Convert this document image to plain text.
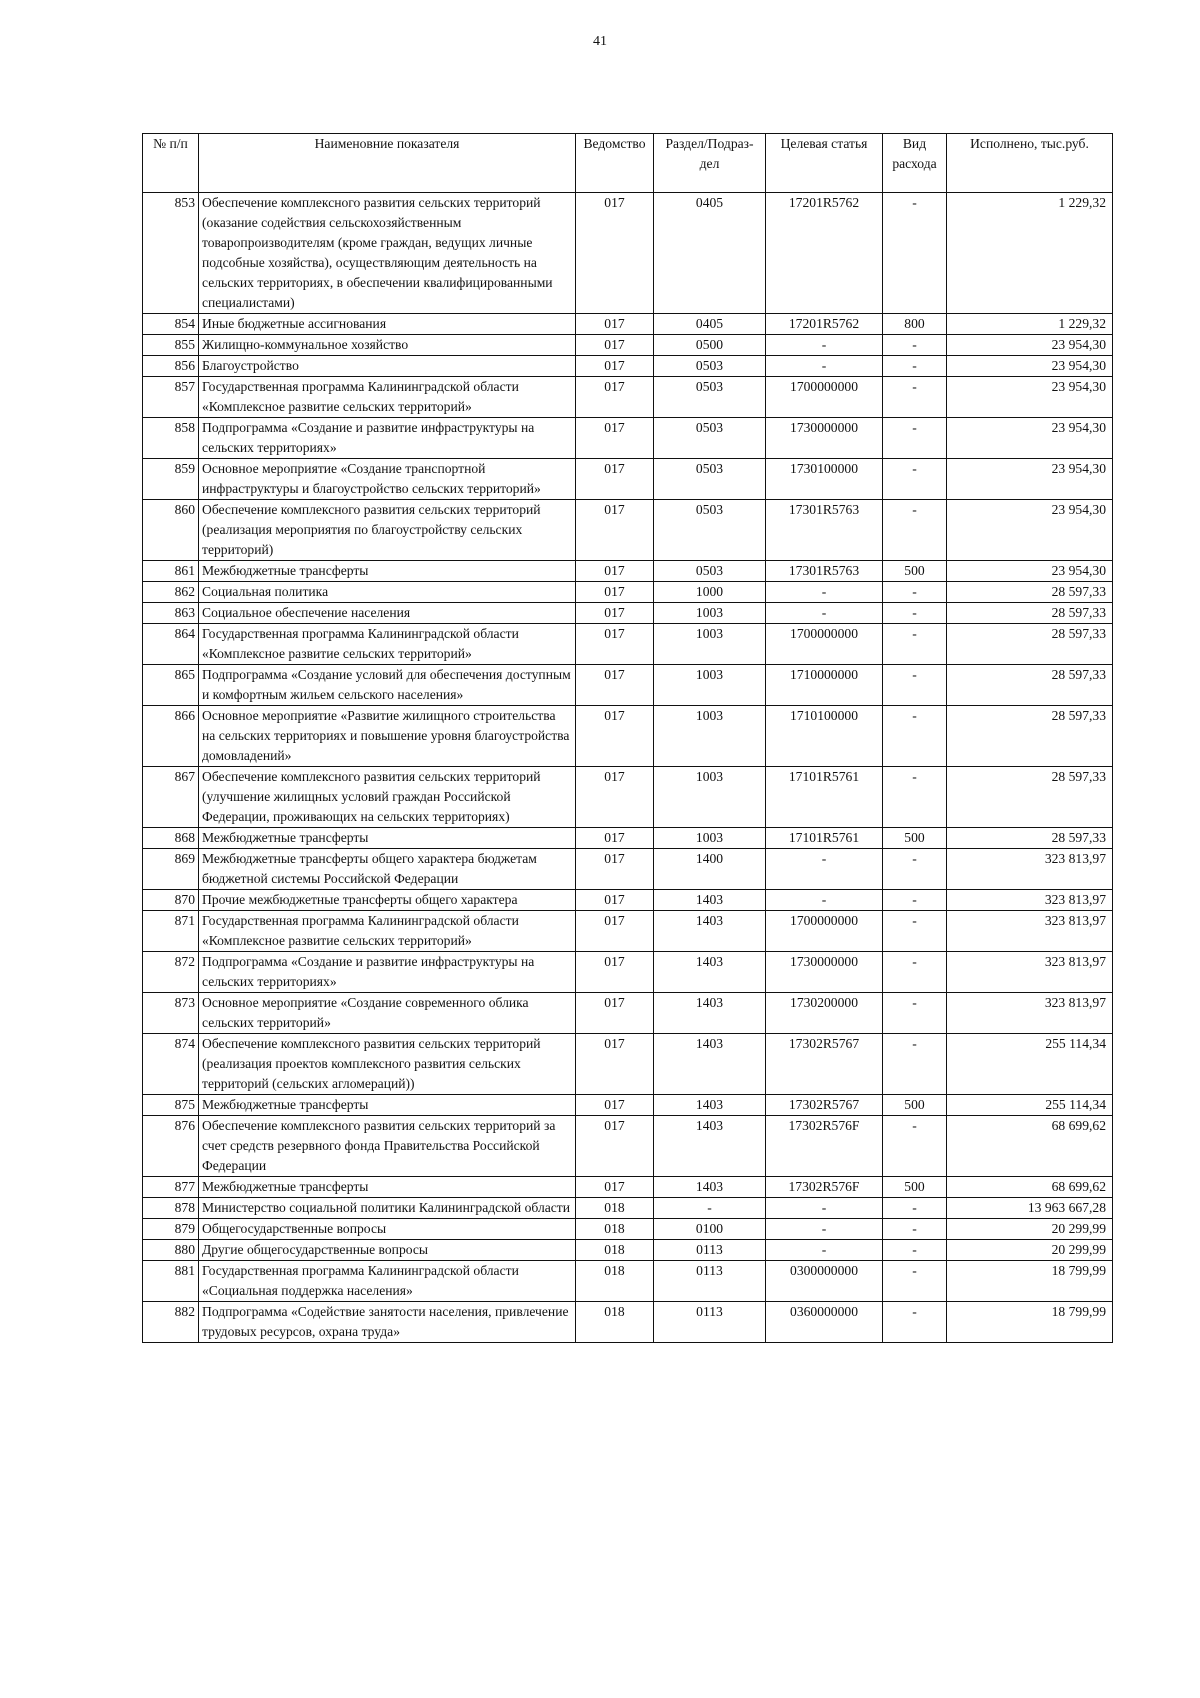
41
№ п/п	Наименовние показателя	Ведомство	Раздел/Подраз-дел	Целевая статья	Вид расхода	Исполнено, тыс.руб.
853	Обеспечение комплексного развития сельских территорий (оказание содействия сельскохозяйственным товаропроизводителям (кроме граждан, ведущих личные подсобные хозяйства), осуществляющим деятельность на сельских территориях, в обеспечении квалифицированными специалистами)	017	0405	17201R5762	-	1 229,32
854	Иные бюджетные ассигнования	017	0405	17201R5762	800	1 229,32
855	Жилищно-коммунальное хозяйство	017	0500	-	-	23 954,30
856	Благоустройство	017	0503	-	-	23 954,30
857	Государственная программа Калининградской области «Комплексное развитие сельских территорий»	017	0503	1700000000	-	23 954,30
858	Подпрограмма «Создание и развитие инфраструктуры на сельских территориях»	017	0503	1730000000	-	23 954,30
859	Основное мероприятие «Создание транспортной инфраструктуры и благоустройство сельских территорий»	017	0503	1730100000	-	23 954,30
860	Обеспечение комплексного развития сельских территорий (реализация мероприятия по благоустройству сельских территорий)	017	0503	17301R5763	-	23 954,30
861	Межбюджетные трансферты	017	0503	17301R5763	500	23 954,30
862	Социальная политика	017	1000	-	-	28 597,33
863	Социальное обеспечение населения	017	1003	-	-	28 597,33
864	Государственная программа Калининградской области «Комплексное развитие сельских территорий»	017	1003	1700000000	-	28 597,33
865	Подпрограмма «Создание условий для обеспечения доступным и комфортным жильем сельского населения»	017	1003	1710000000	-	28 597,33
866	Основное мероприятие «Развитие жилищного строительства на сельских территориях и повышение уровня благоустройства домовладений»	017	1003	1710100000	-	28 597,33
867	Обеспечение комплексного развития сельских территорий (улучшение жилищных условий граждан Российской Федерации, проживающих на сельских территориях)	017	1003	17101R5761	-	28 597,33
868	Межбюджетные трансферты	017	1003	17101R5761	500	28 597,33
869	Межбюджетные трансферты общего характера бюджетам бюджетной системы Российской Федерации	017	1400	-	-	323 813,97
870	Прочие межбюджетные трансферты общего характера	017	1403	-	-	323 813,97
871	Государственная программа Калининградской области «Комплексное развитие сельских территорий»	017	1403	1700000000	-	323 813,97
872	Подпрограмма «Создание и развитие инфраструктуры на сельских территориях»	017	1403	1730000000	-	323 813,97
873	Основное мероприятие «Создание современного облика сельских территорий»	017	1403	1730200000	-	323 813,97
874	Обеспечение комплексного развития сельских территорий (реализация проектов комплексного развития сельских территорий (сельских агломераций))	017	1403	17302R5767	-	255 114,34
875	Межбюджетные трансферты	017	1403	17302R5767	500	255 114,34
876	Обеспечение комплексного развития сельских территорий за счет средств резервного фонда Правительства Российской Федерации	017	1403	17302R576F	-	68 699,62
877	Межбюджетные трансферты	017	1403	17302R576F	500	68 699,62
878	Министерство социальной политики Калининградской области	018	-	-	-	13 963 667,28
879	Общегосударственные вопросы	018	0100	-	-	20 299,99
880	Другие общегосударственные вопросы	018	0113	-	-	20 299,99
881	Государственная программа Калининградской области «Социальная поддержка населения»	018	0113	0300000000	-	18 799,99
882	Подпрограмма «Содействие занятости населения, привлечение трудовых ресурсов, охрана труда»	018	0113	0360000000	-	18 799,99
